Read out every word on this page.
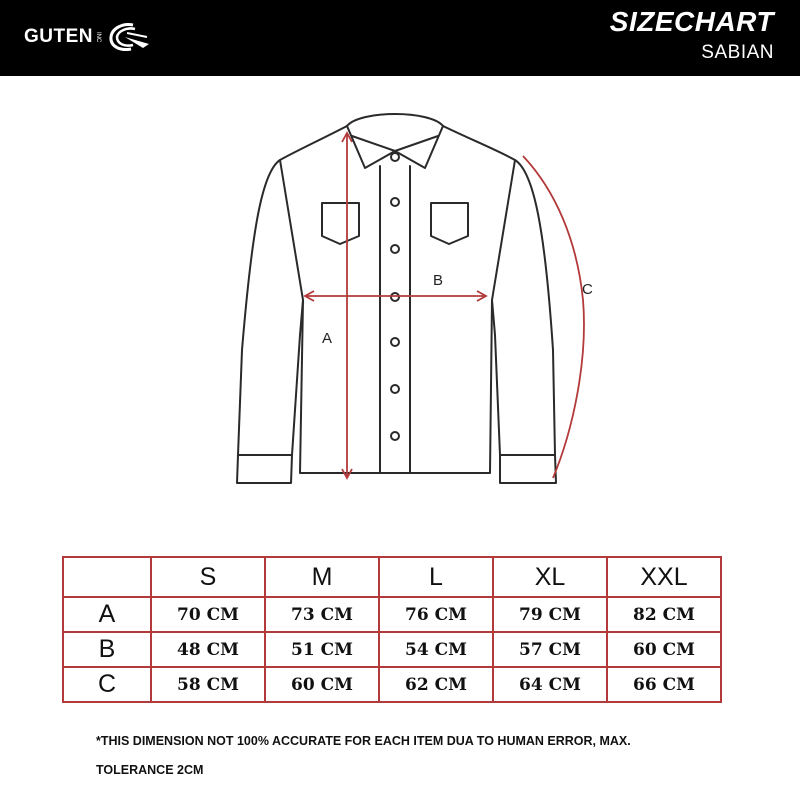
GUTEN INC	SIZECHART
SABIAN
A
B
C
	S	M	L	XL	XXL
A	70 CM	73 CM	76 CM	79 CM	82 CM
B	48 CM	51 CM	54 CM	57 CM	60 CM
C	58 CM	60 CM	62 CM	64 CM	66 CM
*THIS DIMENSION NOT 100% ACCURATE FOR EACH ITEM DUA TO HUMAN ERROR, MAX.
TOLERANCE 2CM
